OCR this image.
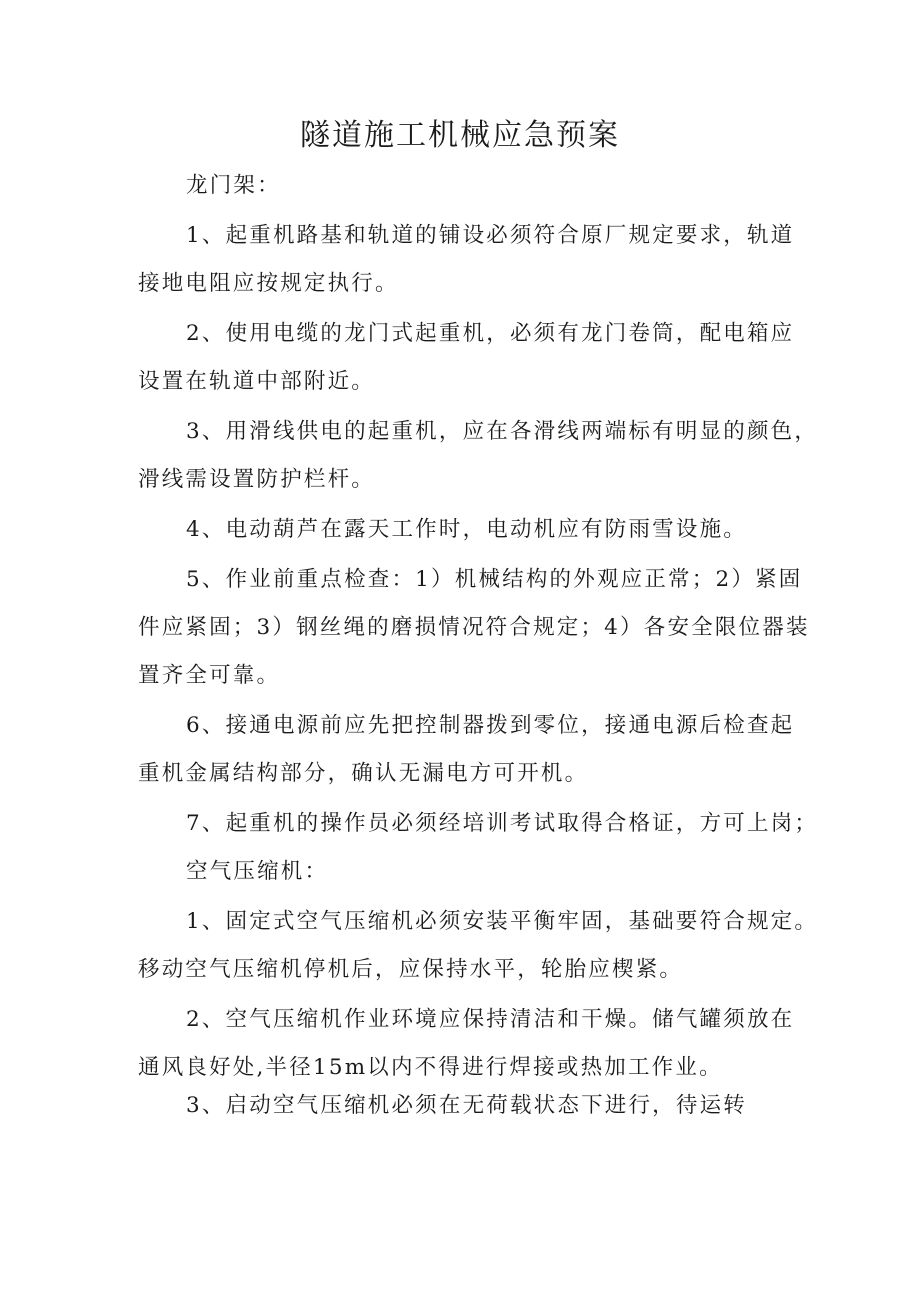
隧道施工机械应急预案
龙门架：
1、起重机路基和轨道的铺设必须符合原厂规定要求，轨道
接地电阻应按规定执行。
2、使用电缆的龙门式起重机，必须有龙门卷筒，配电箱应
设置在轨道中部附近。
3、用滑线供电的起重机，应在各滑线两端标有明显的颜色，
滑线需设置防护栏杆。
4、电动葫芦在露天工作时，电动机应有防雨雪设施。
5、作业前重点检查：1）机械结构的外观应正常；2）紧固
件应紧固；3）钢丝绳的磨损情况符合规定；4）各安全限位器装
置齐全可靠。
6、接通电源前应先把控制器拨到零位，接通电源后检查起
重机金属结构部分，确认无漏电方可开机。
7、起重机的操作员必须经培训考试取得合格证，方可上岗；
空气压缩机：
1、固定式空气压缩机必须安装平衡牢固，基础要符合规定。
移动空气压缩机停机后，应保持水平，轮胎应楔紧。
2、空气压缩机作业环境应保持清洁和干燥。储气罐须放在
通风良好处,半径15m以内不得进行焊接或热加工作业。
3、启动空气压缩机必须在无荷载状态下进行，待运转
